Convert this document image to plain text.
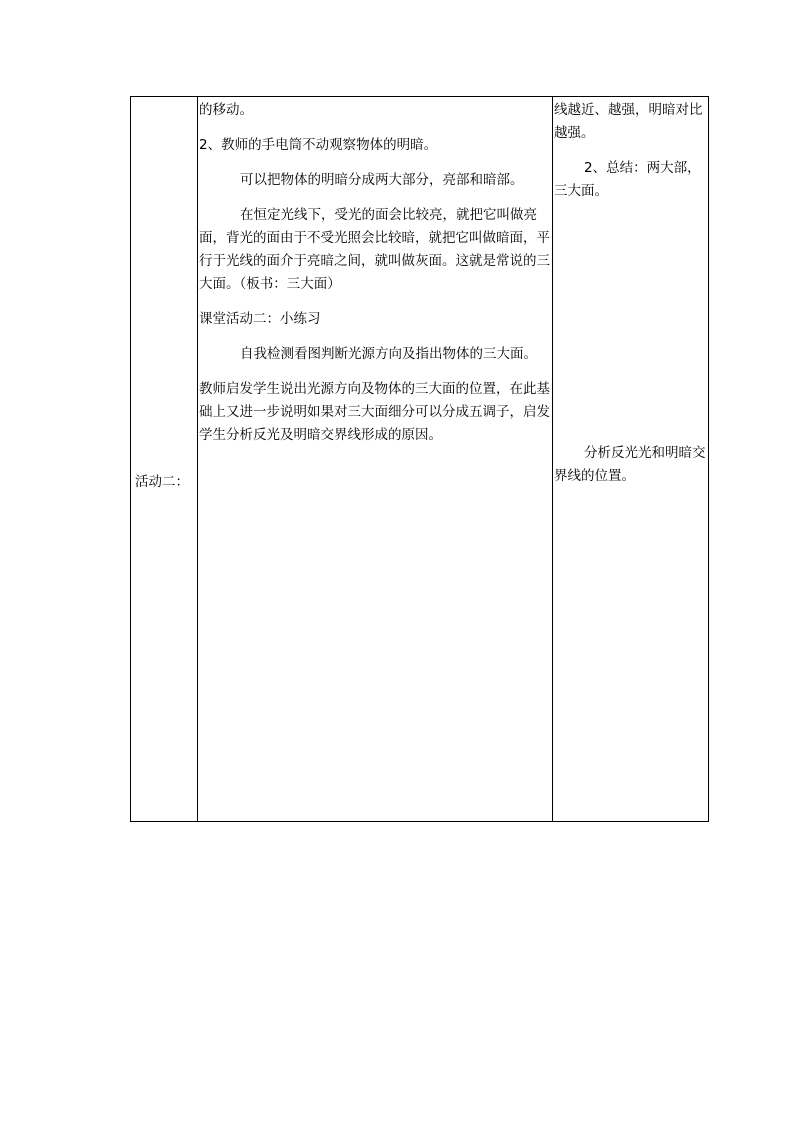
活动二：

的移动。

2、教师的手电筒不动观察物体的明暗。

可以把物体的明暗分成两大部分，亮部和暗部。

在恒定光线下，受光的面会比较亮，就把它叫做亮面，背光的面由于不受光照会比较暗，就把它叫做暗面，平行于光线的面介于亮暗之间，就叫做灰面。这就是常说的三大面。（板书：三大面）

课堂活动二：小练习

自我检测看图判断光源方向及指出物体的三大面。

教师启发学生说出光源方向及物体的三大面的位置，在此基础上又进一步说明如果对三大面细分可以分成五调子，启发学生分析反光及明暗交界线形成的原因。

线越近、越强，明暗对比越强。

2、总结：两大部，三大面。

分析反光光和明暗交界线的位置。
